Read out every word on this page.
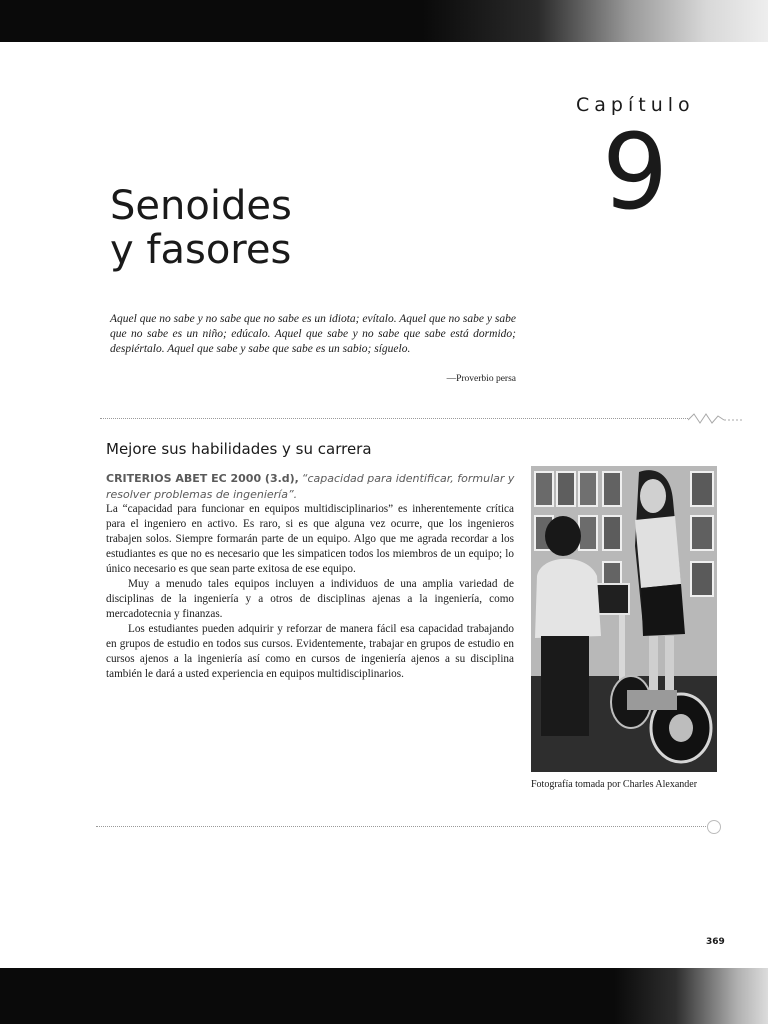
Capítulo
9
Senoides
y fasores

Aquel que no sabe y no sabe que no sabe es un idiota; evítalo. Aquel que no sabe y sabe que no sabe es un niño; edúcalo. Aquel que sabe y no sabe que sabe está dormido; despiértalo. Aquel que sabe y sabe que sabe es un sabio; síguelo.

—Proverbio persa
Mejore sus habilidades y su carrera
CRITERIOS ABET EC 2000 (3.d), “capacidad para identificar, formular y resolver problemas de ingeniería”.

La “capacidad para funcionar en equipos multidisciplinarios” es inherentemente crítica para el ingeniero en activo. Es raro, si es que alguna vez ocurre, que los ingenieros trabajen solos. Siempre formarán parte de un equipo. Algo que me agrada recordar a los estudiantes es que no es necesario que les simpaticen todos los miembros de un equipo; lo único necesario es que sean parte exitosa de ese equipo.

Muy a menudo tales equipos incluyen a individuos de una amplia variedad de disciplinas de la ingeniería y a otros de disciplinas ajenas a la ingeniería, como mercadotecnia y finanzas.

Los estudiantes pueden adquirir y reforzar de manera fácil esa capacidad trabajando en grupos de estudio en todos sus cursos. Evidentemente, trabajar en grupos de estudio en cursos ajenos a la ingeniería así como en cursos de ingeniería ajenos a su disciplina también le dará a usted experiencia en equipos multidisciplinarios.

Fotografía tomada por Charles Alexander
369
